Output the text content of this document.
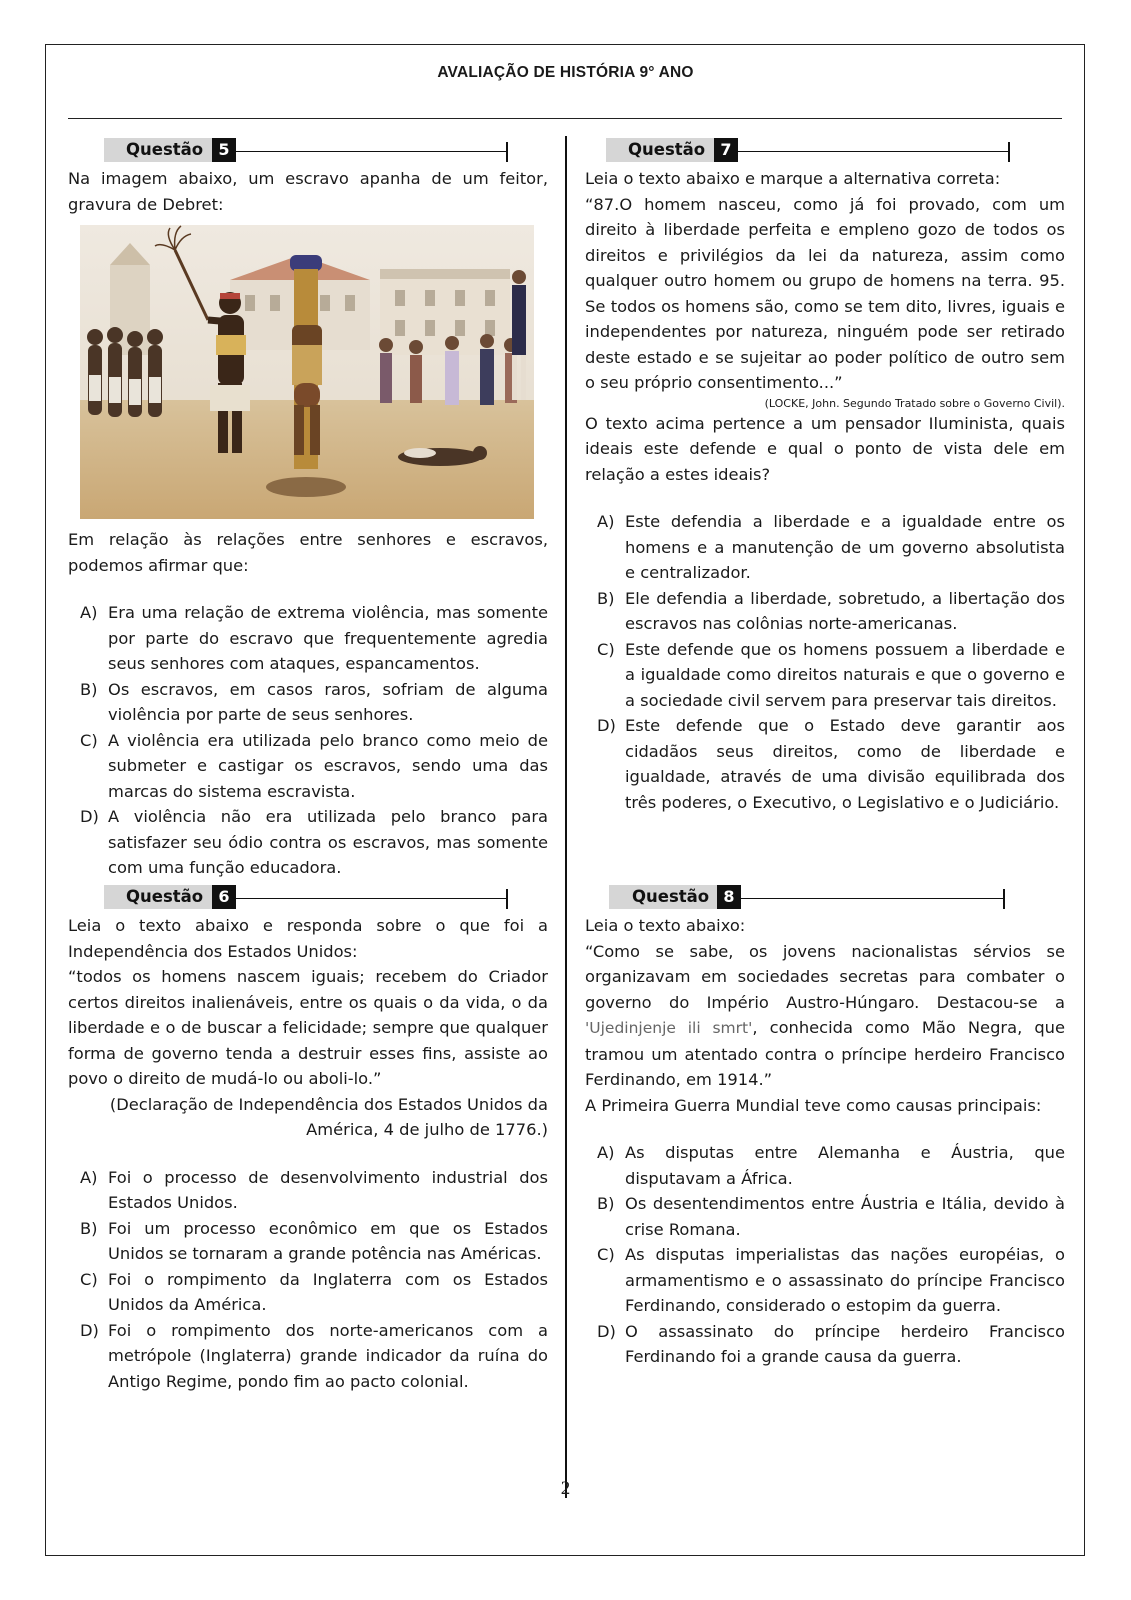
AVALIAÇÃO DE HISTÓRIA 9° ANO
Questão 5

Na imagem abaixo, um escravo apanha de um feitor, gravura de Debret:

Em relação às relações entre senhores e escravos, podemos afirmar que:

A) Era uma relação de extrema violência, mas somente por parte do escravo que frequentemente agredia seus senhores com ataques, espancamentos.
B) Os escravos, em casos raros, sofriam de alguma violência por parte de seus senhores.
C) A violência era utilizada pelo branco como meio de submeter e castigar os escravos, sendo uma das marcas do sistema escravista.
D) A violência não era utilizada pelo branco para satisfazer seu ódio contra os escravos, mas somente com uma função educadora.
Questão 6

Leia o texto abaixo e responda sobre o que foi a Independência dos Estados Unidos:

“todos os homens nascem iguais; recebem do Criador certos direitos inalienáveis, entre os quais o da vida, o da liberdade e o de buscar a felicidade; sempre que qualquer forma de governo tenda a destruir esses fins, assiste ao povo o direito de mudá-lo ou aboli-lo.”

(Declaração de Independência dos Estados Unidos da

América, 4 de julho de 1776.)

A) Foi o processo de desenvolvimento industrial dos Estados Unidos.
B) Foi um processo econômico em que os Estados Unidos se tornaram a grande potência nas Américas.
C) Foi o rompimento da Inglaterra com os Estados Unidos da América.
D) Foi o rompimento dos norte-americanos com a metrópole (Inglaterra) grande indicador da ruína do Antigo Regime, pondo fim ao pacto colonial.
Questão 7

Leia o texto abaixo e marque a alternativa correta:

“87.O homem nasceu, como já foi provado, com um direito à liberdade perfeita e empleno gozo de todos os direitos e privilégios da lei da natureza, assim como qualquer outro homem ou grupo de homens na terra. 95. Se todos os homens são, como se tem dito, livres, iguais e independentes por natureza, ninguém pode ser retirado deste estado e se sujeitar ao poder político de outro sem o seu próprio consentimento...”

(LOCKE, John. Segundo Tratado sobre o Governo Civil).

O texto acima pertence a um pensador Iluminista, quais ideais este defende e qual o ponto de vista dele em relação a estes ideais?

A) Este defendia a liberdade e a igualdade entre os homens e a manutenção de um governo absolutista e centralizador.
B) Ele defendia a liberdade, sobretudo, a libertação dos escravos nas colônias norte-americanas.
C) Este defende que os homens possuem a liberdade e a igualdade como direitos naturais e que o governo e a sociedade civil servem para preservar tais direitos.
D) Este defende que o Estado deve garantir aos cidadãos seus direitos, como de liberdade e igualdade, através de uma divisão equilibrada dos três poderes, o Executivo, o Legislativo e o Judiciário.
Questão 8

Leia o texto abaixo:

“Como se sabe, os jovens nacionalistas sérvios se organizavam em sociedades secretas para combater o governo do Império Austro-Húngaro. Destacou-se a 'Ujedinjenje ili smrt', conhecida como Mão Negra, que tramou um atentado contra o príncipe herdeiro Francisco Ferdinando, em 1914.”

A Primeira Guerra Mundial teve como causas principais:

A) As disputas entre Alemanha e Áustria, que disputavam a África.
B) Os desentendimentos entre Áustria e Itália, devido à crise Romana.
C) As disputas imperialistas das nações européias, o armamentismo e o assassinato do príncipe Francisco Ferdinando, considerado o estopim da guerra.
D) O assassinato do príncipe herdeiro Francisco Ferdinando foi a grande causa da guerra.
2
